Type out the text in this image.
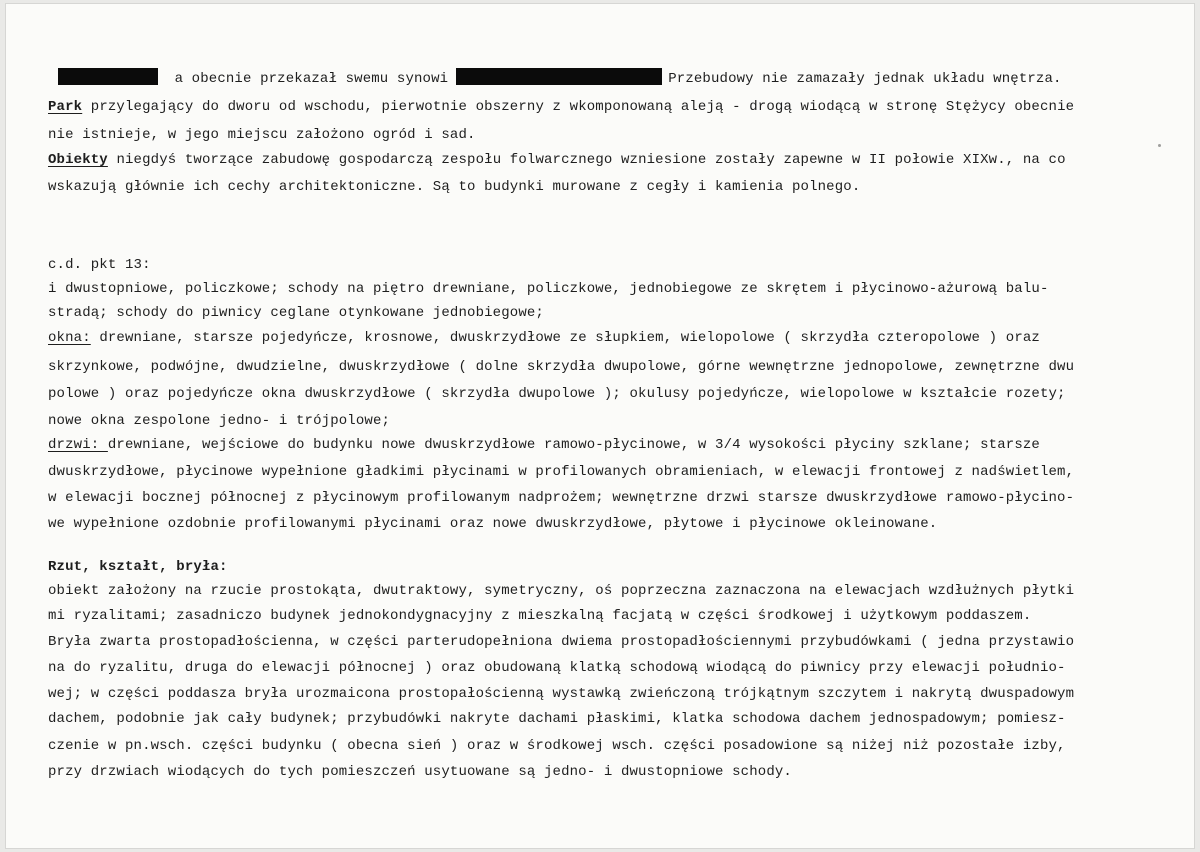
a obecnie przekazał swemu synowi	Przebudowy nie zamazały jednak układu wnętrza.
Park przylegający do dworu od wschodu, pierwotnie obszerny z wkomponowaną aleją - drogą wiodącą w stronę Stężycy obecnie
nie istnieje, w jego miejscu założono ogród i sad.
Obiekty niegdyś tworzące zabudowę gospodarczą zespołu folwarcznego wzniesione zostały zapewne w II połowie XIXw., na co
wskazują głównie ich cechy architektoniczne. Są to budynki murowane z cegły i kamienia polnego.
c.d. pkt 13:
i dwustopniowe, policzkowe; schody na piętro drewniane, policzkowe, jednobiegowe ze skrętem i płycinowo-ażurową balu-
stradą; schody do piwnicy ceglane otynkowane jednobiegowe;
okna: drewniane, starsze pojedyńcze, krosnowe, dwuskrzydłowe ze słupkiem, wielopolowe ( skrzydła czteropolowe ) oraz
skrzynkowe, podwójne, dwudzielne, dwuskrzydłowe ( dolne skrzydła dwupolowe, górne wewnętrzne jednopolowe, zewnętrzne dwu
polowe ) oraz pojedyńcze okna dwuskrzydłowe ( skrzydła dwupolowe ); okulusy pojedyńcze, wielopolowe w kształcie rozety;
nowe okna zespolone jedno- i trójpolowe;
drzwi: drewniane, wejściowe do budynku nowe dwuskrzydłowe ramowo-płycinowe, w 3/4 wysokości płyciny szklane; starsze
dwuskrzydłowe, płycinowe wypełnione gładkimi płycinami w profilowanych obramieniach, w elewacji frontowej z nadświetlem,
w elewacji bocznej północnej z płycinowym profilowanym nadprożem; wewnętrzne drzwi starsze dwuskrzydłowe ramowo-płycino-
we wypełnione ozdobnie profilowanymi płycinami oraz nowe dwuskrzydłowe, płytowe i płycinowe okleinowane.
Rzut, kształt, bryła:
obiekt założony na rzucie prostokąta, dwutraktowy, symetryczny, oś poprzeczna zaznaczona na elewacjach wzdłużnych płytki
mi ryzalitami; zasadniczo budynek jednokondygnacyjny z mieszkalną facjatą w części środkowej i użytkowym poddaszem.
Bryła zwarta prostopadłościenna, w części parterudopełniona dwiema prostopadłościennymi przybudówkami ( jedna przystawio
na do ryzalitu, druga do elewacji północnej ) oraz obudowaną klatką schodową wiodącą do piwnicy przy elewacji południo-
wej; w części poddasza bryła urozmaicona prostopałościenną wystawką zwieńczoną trójkątnym szczytem i nakrytą dwuspadowym
dachem, podobnie jak cały budynek; przybudówki nakryte dachami płaskimi, klatka schodowa dachem jednospadowym; pomiesz-
czenie w pn.wsch. części budynku ( obecna sień ) oraz w środkowej wsch. części posadowione są niżej niż pozostałe izby,
przy drzwiach wiodących do tych pomieszczeń usytuowane są jedno- i dwustopniowe schody.
